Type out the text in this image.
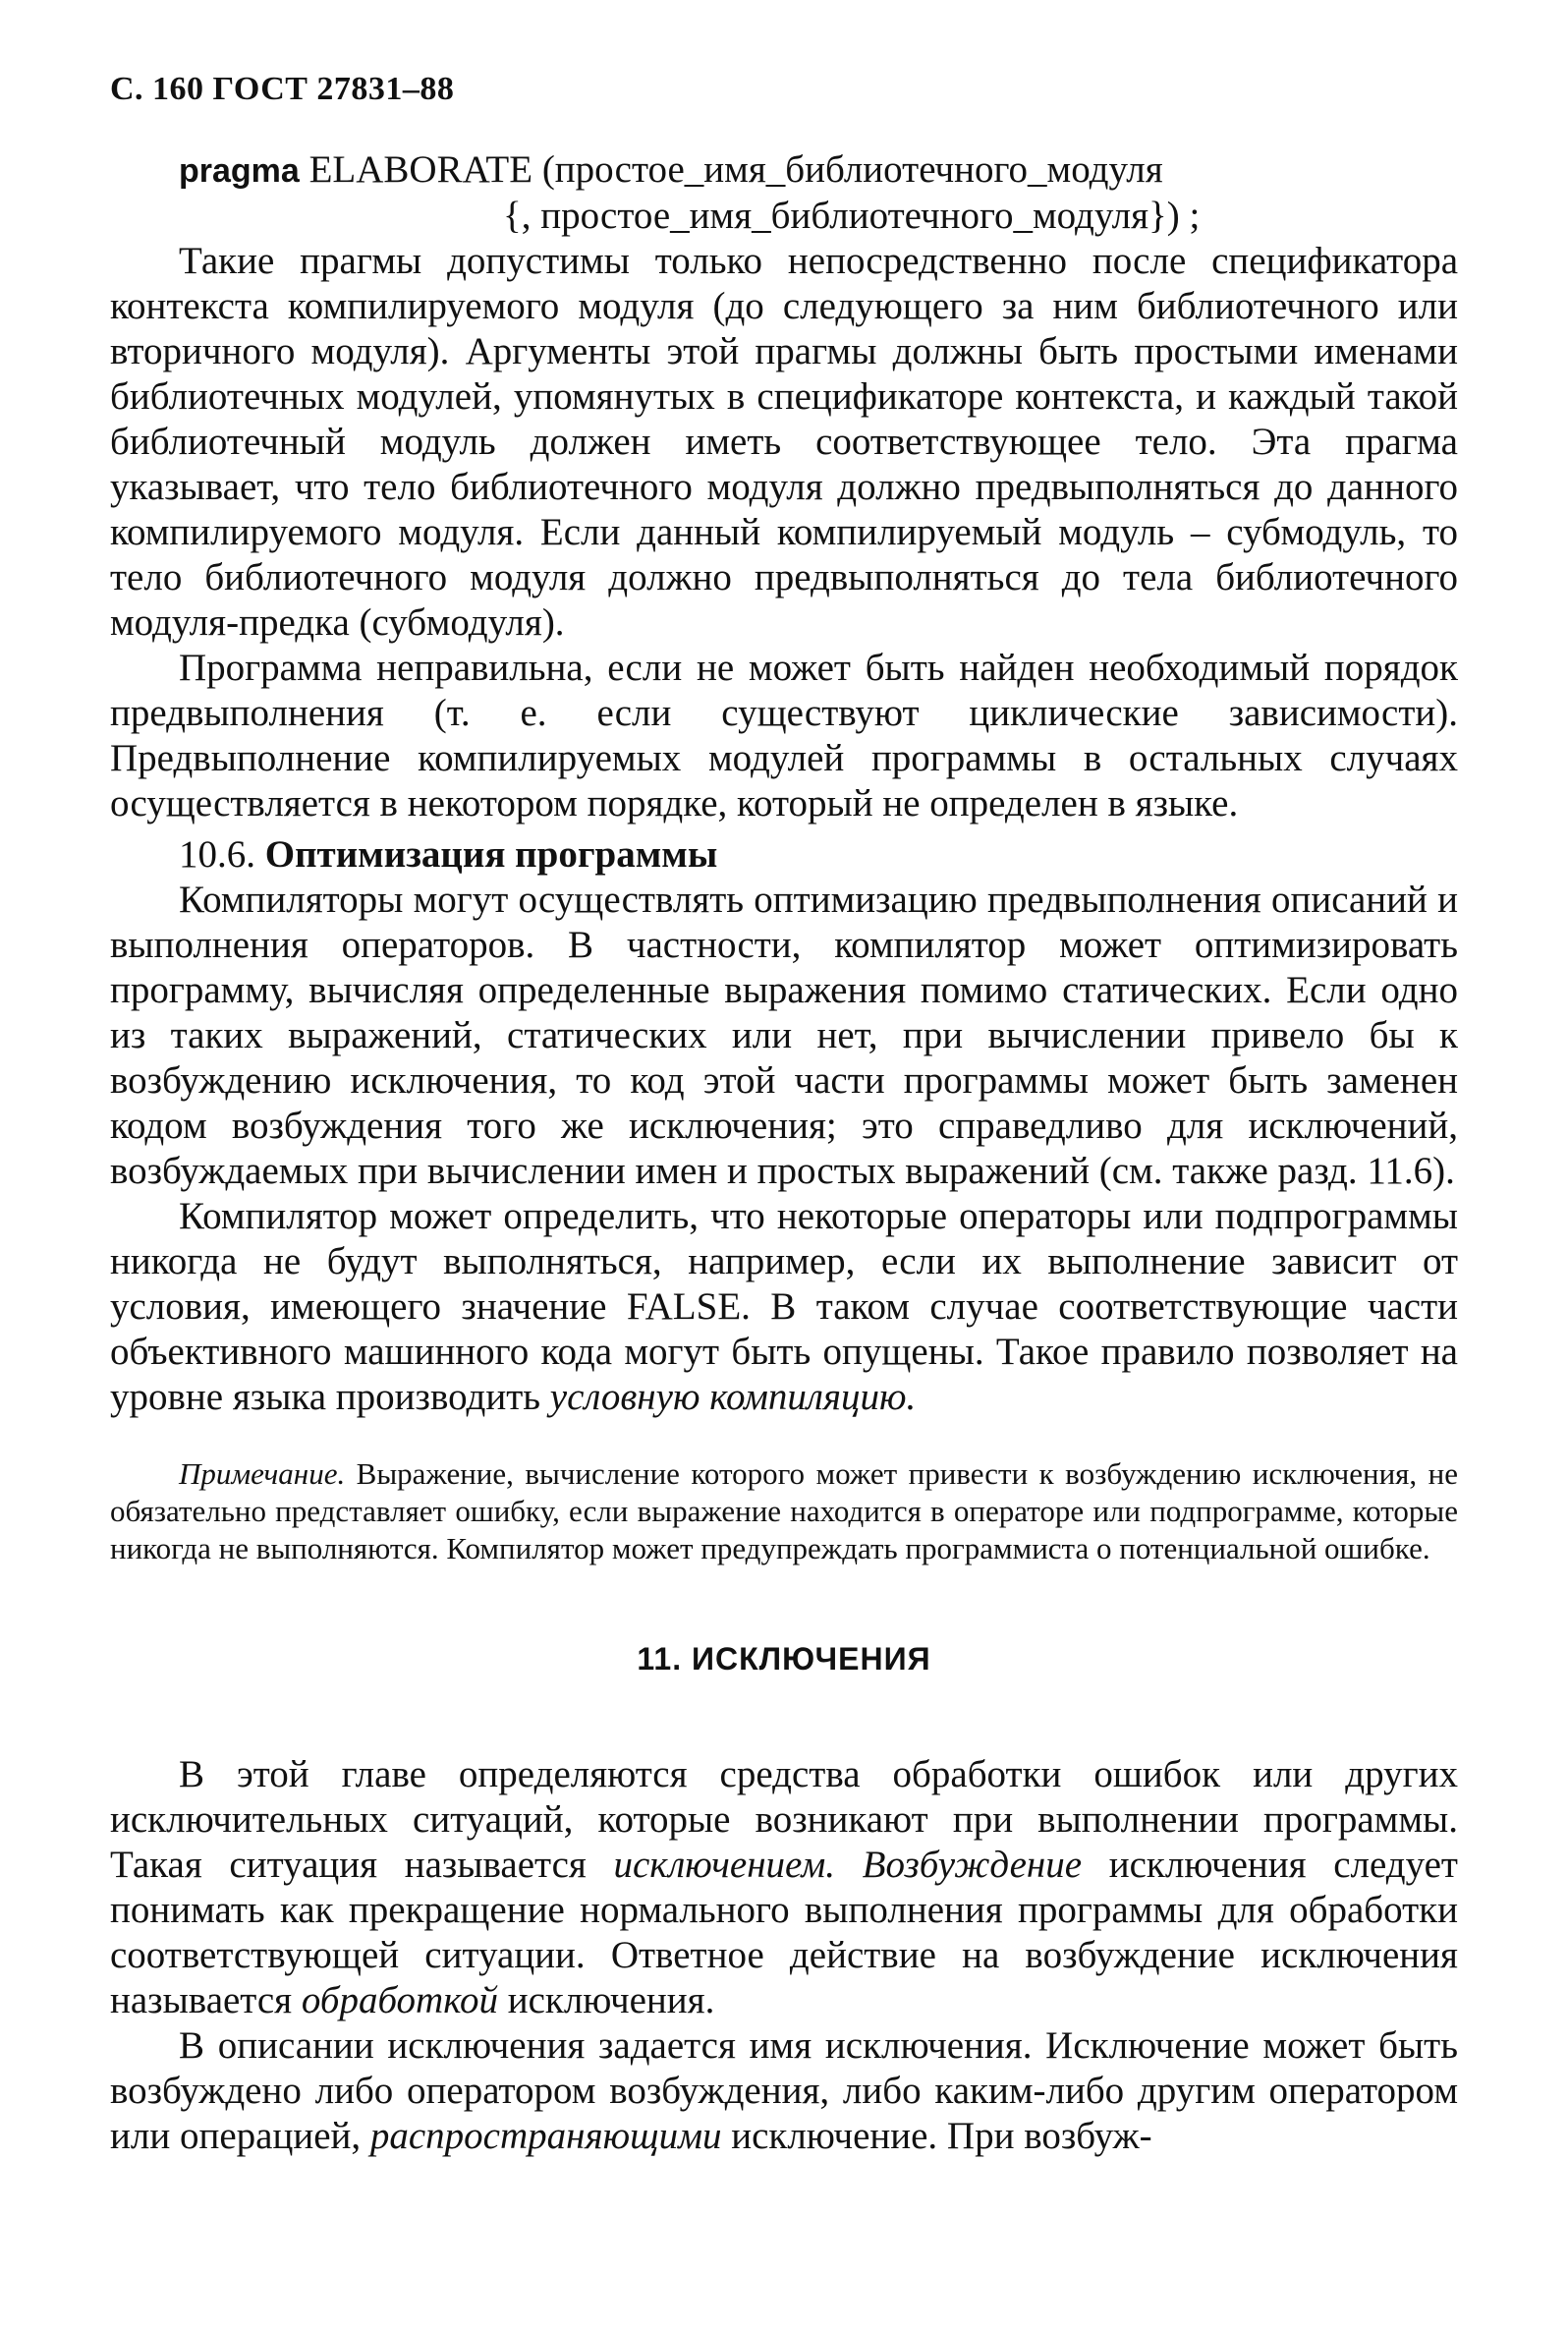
С. 160 ГОСТ 27831–88

pragma ELABORATE (простое_имя_библиотечного_модуля

{, простое_имя_библиотечного_модуля}) ;

Такие прагмы допустимы только непосредственно после спецификатора контекста компилируемого модуля (до следующего за ним библиотечного или вторичного модуля). Аргументы этой прагмы должны быть простыми именами библиотечных модулей, упомянутых в спецификаторе контекста, и каждый такой библиотечный модуль должен иметь соответствующее тело. Эта прагма указывает, что тело библиотечного модуля должно предвыполняться до данного компилируемого модуля. Если данный компилируемый модуль – субмодуль, то тело библиотечного модуля должно предвыполняться до тела библиотечного модуля-предка (субмодуля).

Программа неправильна, если не может быть найден необходимый порядок предвыполнения (т. е. если существуют циклические зависимости). Предвыполнение компилируемых модулей программы в остальных случаях осуществляется в некотором порядке, который не определен в языке.

10.6. Оптимизация программы

Компиляторы могут осуществлять оптимизацию предвыполнения описаний и выполнения операторов. В частности, компилятор может оптимизировать программу, вычисляя определенные выражения помимо статических. Если одно из таких выражений, статических или нет, при вычислении привело бы к возбуждению исключения, то код этой части программы может быть заменен кодом возбуждения того же исключения; это справедливо для исключений, возбуждаемых при вычислении имен и простых выражений (см. также разд. 11.6).

Компилятор может определить, что некоторые операторы или подпрограммы никогда не будут выполняться, например, если их выполнение зависит от условия, имеющего значение FALSE. В таком случае соответствующие части объективного машинного кода могут быть опущены. Такое правило позволяет на уровне языка производить условную компиляцию.

Примечание. Выражение, вычисление которого может привести к возбуждению исключения, не обязательно представляет ошибку, если выражение находится в операторе или подпрограмме, которые никогда не выполняются. Компилятор может предупреждать программиста о потенциальной ошибке.

11. ИСКЛЮЧЕНИЯ

В этой главе определяются средства обработки ошибок или других исключительных ситуаций, которые возникают при выполнении программы. Такая ситуация называется исключением. Возбуждение исключения следует понимать как прекращение нормального выполнения программы для обработки соответствующей ситуации. Ответное действие на возбуждение исключения называется обработкой исключения.

В описании исключения задается имя исключения. Исключение может быть возбуждено либо оператором возбуждения, либо каким-либо другим оператором или операцией, распространяющими исключение. При возбуж-
